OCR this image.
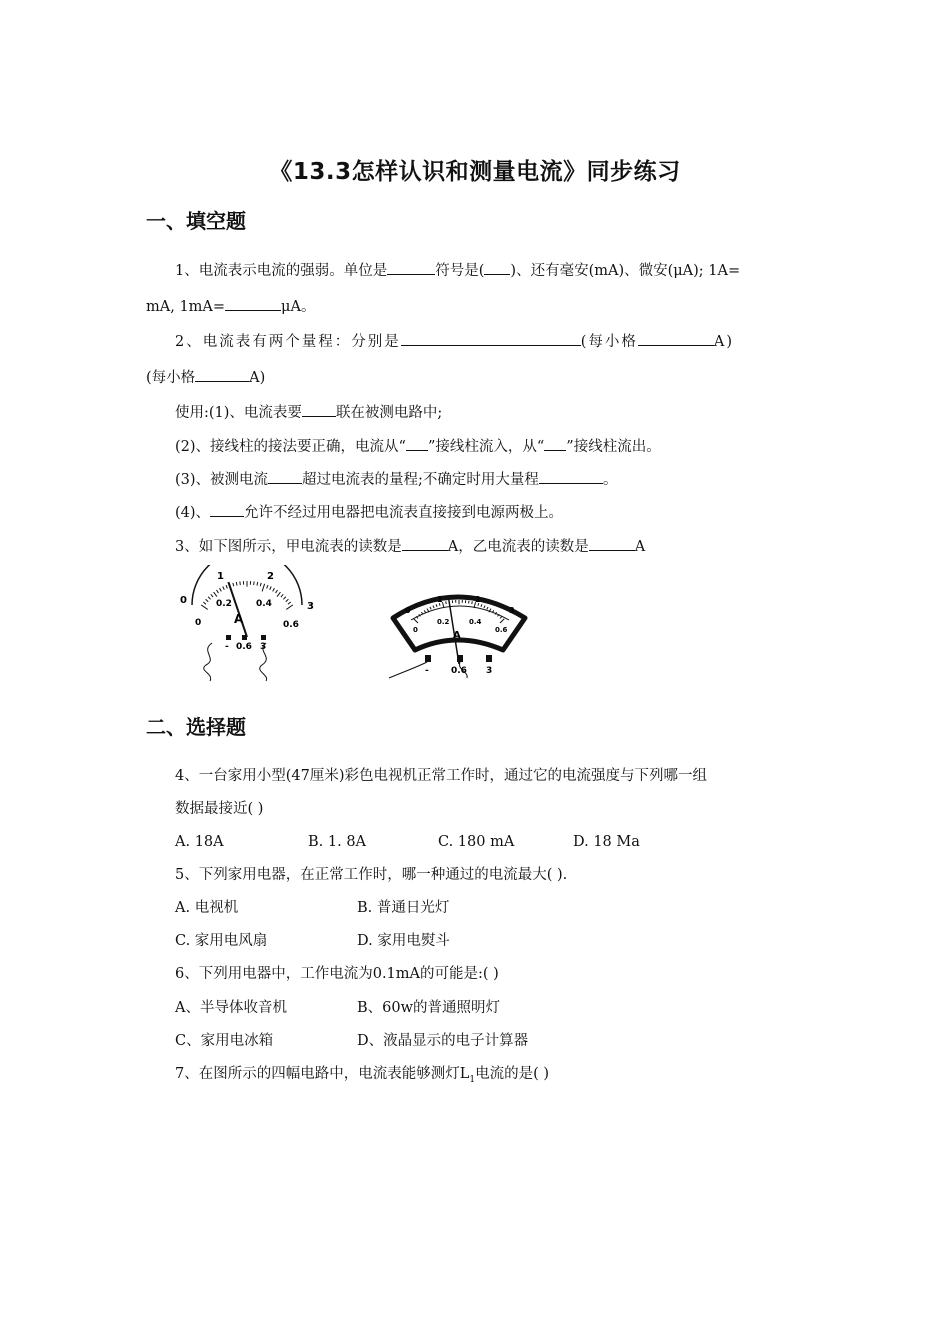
《13.3怎样认识和测量电流》同步练习
一、填空题
1、电流表示电流的强弱。单位是	符号是( )、还有毫安(mA)、微安(μA); 1A=
mA, 1mA=	μA。
2、电流表有两个量程：分别是	(每小格	A)
(每小格	A)
使用:(1)、电流表要 联在被测电路中;
(2)、接线柱的接法要正确，电流从“ ”接线柱流入，从“ ”接线柱流出。
(3)、被测电流 超过电流表的量程;不确定时用大量程	。
(4)、 允许不经过用电器把电流表直接接到电源两极上。
3、如下图所示，甲电流表的读数是	A，乙电流表的读数是	A
0
1	2
3
0
0.2	0.4
0.6
A
- 0.6 3
0
1	2
3
0
0.2	0.4
0.6
A
- 0.6 3
二、选择题
4、一台家用小型(47厘米)彩色电视机正常工作时，通过它的电流强度与下列哪一组
数据最接近( )
A. 18A	B. 1. 8A	C. 180 mA	D. 18 Ma
5、下列家用电器，在正常工作时，哪一种通过的电流最大( ).
A. 电视机	B. 普通日光灯
C. 家用电风扇	D. 家用电熨斗
6、下列用电器中，工作电流为0.1mA的可能是:( )
A、半导体收音机	B、60w的普通照明灯
C、家用电冰箱	D、液晶显示的电子计算器
7、在图所示的四幅电路中，电流表能够测灯$L_1$电流的是( )
